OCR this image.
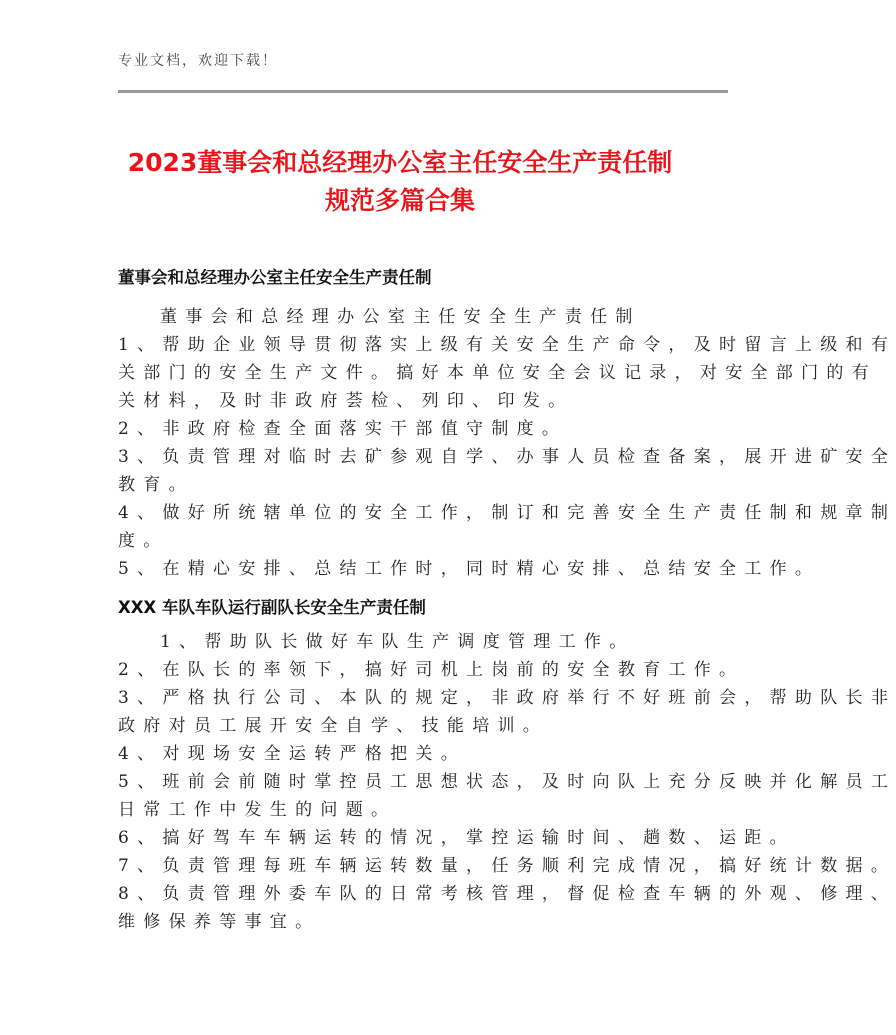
专业文档，欢迎下载！
2023董事会和总经理办公室主任安全生产责任制
规范多篇合集
董事会和总经理办公室主任安全生产责任制
董事会和总经理办公室主任安全生产责任制
1、帮助企业领导贯彻落实上级有关安全生产命令，及时留言上级和有
关部门的安全生产文件。搞好本单位安全会议记录，对安全部门的有
关材料，及时非政府荟检、列印、印发。
2、非政府检查全面落实干部值守制度。
3、负责管理对临时去矿参观自学、办事人员检查备案，展开进矿安全
教育。
4、做好所统辖单位的安全工作，制订和完善安全生产责任制和规章制
度。
5、在精心安排、总结工作时，同时精心安排、总结安全工作。
XXX 车队车队运行副队长安全生产责任制
1、帮助队长做好车队生产调度管理工作。
2、在队长的率领下，搞好司机上岗前的安全教育工作。
3、严格执行公司、本队的规定，非政府举行不好班前会，帮助队长非
政府对员工展开安全自学、技能培训。
4、对现场安全运转严格把关。
5、班前会前随时掌控员工思想状态，及时向队上充分反映并化解员工
日常工作中发生的问题。
6、搞好驾车车辆运转的情况，掌控运输时间、趟数、运距。
7、负责管理每班车辆运转数量，任务顺利完成情况，搞好统计数据。
8、负责管理外委车队的日常考核管理，督促检查车辆的外观、修理、
维修保养等事宜。
